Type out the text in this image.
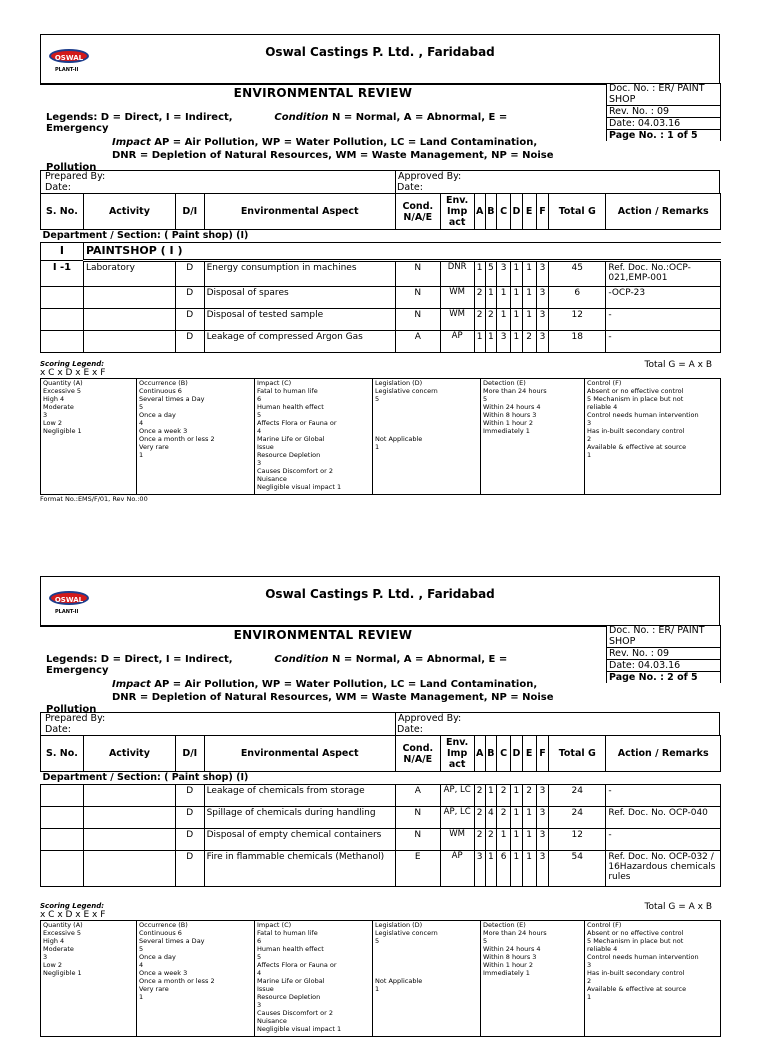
OSWAL
PLANT-II
Oswal Castings P. Ltd. , Faridabad
ENVIRONMENTAL REVIEW	Doc. No. : ER/ PAINT SHOP
Rev. No. : 09
Date: 04.03.16
Page No. : 1 of 5
Legends: D = Direct, I = Indirect,	Condition N = Normal, A = Abnormal, E =
Emergency
Impact AP = Air Pollution, WP = Water Pollution, LC = Land Contamination,
DNR = Depletion of Natural Resources, WM = Waste Management, NP = Noise
Pollution
Prepared By:
Date:
Approved By:
Date:
S. No.	Activity	D/I	Environmental Aspect	Cond. N/A/E	Env. Imp act	A	B	C	D	E	F	Total G	Action / Remarks
Department / Section: ( Paint shop) (I)													
I	PAINTSHOP ( I )												
I -1	Laboratory	D	Energy consumption in machines	N	DNR	1	5	3	1	1	3	45	Ref. Doc. No.:OCP-021,EMP-001
		D	Disposal of spares	N	WM	2	1	1	1	1	3	6	-OCP-23
		D	Disposal of tested sample	N	WM	2	2	1	1	1	3	12	-
		D	Leakage of compressed Argon Gas	A	AP	1	1	3	1	2	3	18	-
Scoring Legend:	Total G = A x B
x C x D x E x F
Quantity (A)
Excessive 5
High 4
Moderate
3
Low 2
Negligible 1	Occurrence (B)
Continuous 6
Several times a Day
5
Once a day
4
Once a week 3
Once a month or less 2
Very rare
1	Impact (C)
Fatal to human life
6
Human health effect
5
Affects Flora or Fauna or
4
Marine Life or Global
Issue
Resource Depletion
3
Causes Discomfort or 2
Nuisance
Negligible visual impact 1	Legislation (D)
Legislative concern
5

Not Applicable
1	Detection (E)
More than 24 hours
5
Within 24 hours 4
Within 8 hours 3
Within 1 hour 2
Immediately 1	Control (F)
Absent or no effective control
5 Mechanism in place but not
reliable 4
Control needs human intervention
3
Has in-built secondary control
2
Available & effective at source
1
Format No.:EMS/F/01, Rev No.:00
OSWAL
PLANT-II
Oswal Castings P. Ltd. , Faridabad
ENVIRONMENTAL REVIEW	Doc. No. : ER/ PAINT SHOP
Rev. No. : 09
Date: 04.03.16
Page No. : 2 of 5
Legends: D = Direct, I = Indirect,	Condition N = Normal, A = Abnormal, E =
Emergency
Impact AP = Air Pollution, WP = Water Pollution, LC = Land Contamination,
DNR = Depletion of Natural Resources, WM = Waste Management, NP = Noise
Pollution
Prepared By:
Date:
Approved By:
Date:
S. No.	Activity	D/I	Environmental Aspect	Cond. N/A/E	Env. Imp act	A	B	C	D	E	F	Total G	Action / Remarks
Department / Section: ( Paint shop) (I)													
		D	Leakage of chemicals from storage	A	AP, LC	2	1	2	1	2	3	24	-
		D	Spillage of chemicals during handling	N	AP, LC	2	4	2	1	1	3	24	Ref. Doc. No. OCP-040
		D	Disposal of empty chemical containers	N	WM	2	2	1	1	1	3	12	-
		D	Fire in flammable chemicals (Methanol)	E	AP	3	1	6	1	1	3	54	Ref. Doc. No. OCP-032 / 16Hazardous chemicals rules
Scoring Legend:	Total G = A x B
x C x D x E x F
Quantity (A)
Excessive 5
High 4
Moderate
3
Low 2
Negligible 1	Occurrence (B)
Continuous 6
Several times a Day
5
Once a day
4
Once a week 3
Once a month or less 2
Very rare
1	Impact (C)
Fatal to human life
6
Human health effect
5
Affects Flora or Fauna or
4
Marine Life or Global
Issue
Resource Depletion
3
Causes Discomfort or 2
Nuisance
Negligible visual impact 1	Legislation (D)
Legislative concern
5

Not Applicable
1	Detection (E)
More than 24 hours
5
Within 24 hours 4
Within 8 hours 3
Within 1 hour 2
Immediately 1	Control (F)
Absent or no effective control
5 Mechanism in place but not
reliable 4
Control needs human intervention
3
Has in-built secondary control
2
Available & effective at source
1
